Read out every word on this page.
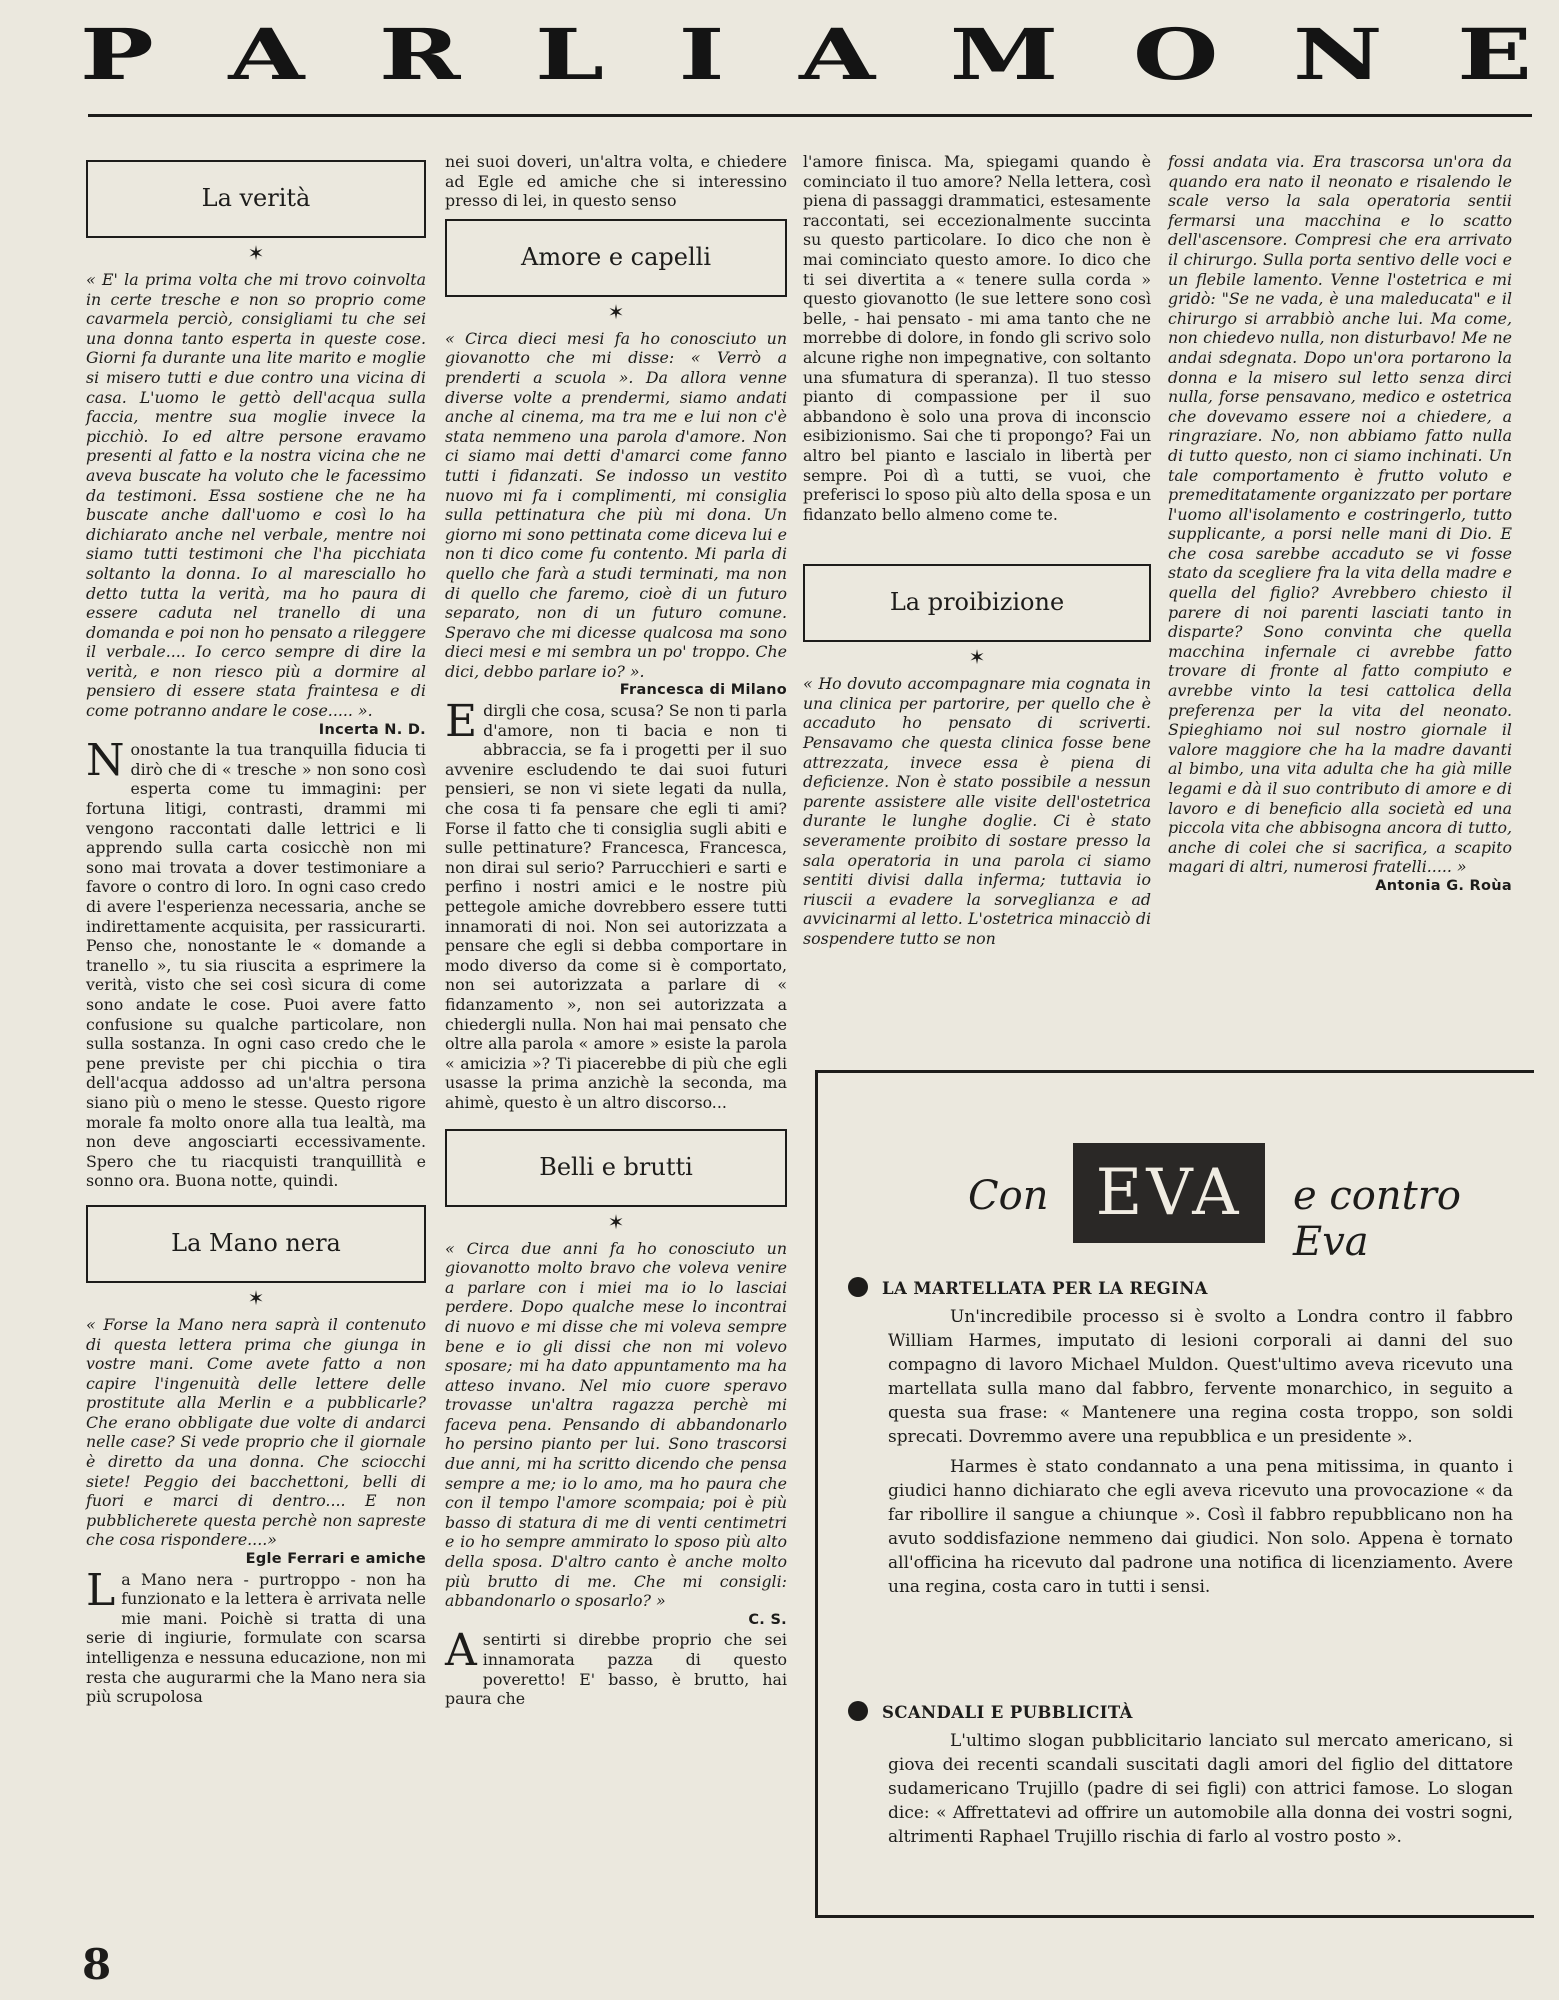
P A R L I A M O N E
La verità
✶

« E' la prima volta che mi trovo coinvolta in certe tresche e non so proprio come cavarmela perciò, consigliami tu che sei una donna tanto esperta in queste cose. Giorni fa durante una lite marito e moglie si misero tutti e due contro una vicina di casa. L'uomo le gettò dell'acqua sulla faccia, mentre sua moglie invece la picchiò. Io ed altre persone eravamo presenti al fatto e la nostra vicina che ne aveva buscate ha voluto che le facessimo da testimoni. Essa sostiene che ne ha buscate anche dall'uomo e così lo ha dichiarato anche nel verbale, mentre noi siamo tutti testimoni che l'ha picchiata soltanto la donna. Io al maresciallo ho detto tutta la verità, ma ho paura di essere caduta nel tranello di una domanda e poi non ho pensato a rileggere il verbale.... Io cerco sempre di dire la verità, e non riesco più a dormire al pensiero di essere stata fraintesa e di come potranno andare le cose..... ».

Incerta N. D.

Nonostante la tua tranquilla fiducia ti dirò che di « tresche » non sono così esperta come tu immagini: per fortuna litigi, contrasti, drammi mi vengono raccontati dalle lettrici e li apprendo sulla carta cosicchè non mi sono mai trovata a dover testimoniare a favore o contro di loro. In ogni caso credo di avere l'esperienza necessaria, anche se indirettamente acquisita, per rassicurarti. Penso che, nonostante le « domande a tranello », tu sia riuscita a esprimere la verità, visto che sei così sicura di come sono andate le cose. Puoi avere fatto confusione su qualche particolare, non sulla sostanza. In ogni caso credo che le pene previste per chi picchia o tira dell'acqua addosso ad un'altra persona siano più o meno le stesse. Questo rigore morale fa molto onore alla tua lealtà, ma non deve angosciarti eccessivamente. Spero che tu riacquisti tranquillità e sonno ora. Buona notte, quindi.

La Mano nera
✶

« Forse la Mano nera saprà il contenuto di questa lettera prima che giunga in vostre mani. Come avete fatto a non capire l'ingenuità delle lettere delle prostitute alla Merlin e a pubblicarle? Che erano obbligate due volte di andarci nelle case? Si vede proprio che il giornale è diretto da una donna. Che sciocchi siete! Peggio dei bacchettoni, belli di fuori e marci di dentro.... E non pubblicherete questa perchè non sapreste che cosa rispondere....»

Egle Ferrari e amiche

La Mano nera - purtroppo - non ha funzionato e la lettera è arrivata nelle mie mani. Poichè si tratta di una serie di ingiurie, formulate con scarsa intelligenza e nessuna educazione, non mi resta che augurarmi che la Mano nera sia più scrupolosa

nei suoi doveri, un'altra volta, e chiedere ad Egle ed amiche che si interessino presso di lei, in questo senso

Amore e capelli
✶

« Circa dieci mesi fa ho conosciuto un giovanotto che mi disse: « Verrò a prenderti a scuola ». Da allora venne diverse volte a prendermi, siamo andati anche al cinema, ma tra me e lui non c'è stata nemmeno una parola d'amore. Non ci siamo mai detti d'amarci come fanno tutti i fidanzati. Se indosso un vestito nuovo mi fa i complimenti, mi consiglia sulla pettinatura che più mi dona. Un giorno mi sono pettinata come diceva lui e non ti dico come fu contento. Mi parla di quello che farà a studi terminati, ma non di quello che faremo, cioè di un futuro separato, non di un futuro comune. Speravo che mi dicesse qualcosa ma sono dieci mesi e mi sembra un po' troppo. Che dici, debbo parlare io? ».

Francesca di Milano

Edirgli che cosa, scusa? Se non ti parla d'amore, non ti bacia e non ti abbraccia, se fa i progetti per il suo avvenire escludendo te dai suoi futuri pensieri, se non vi siete legati da nulla, che cosa ti fa pensare che egli ti ami? Forse il fatto che ti consiglia sugli abiti e sulle pettinature? Francesca, Francesca, non dirai sul serio? Parrucchieri e sarti e perfino i nostri amici e le nostre più pettegole amiche dovrebbero essere tutti innamorati di noi. Non sei autorizzata a pensare che egli si debba comportare in modo diverso da come si è comportato, non sei autorizzata a parlare di « fidanzamento », non sei autorizzata a chiedergli nulla. Non hai mai pensato che oltre alla parola « amore » esiste la parola « amicizia »? Ti piacerebbe di più che egli usasse la prima anzichè la seconda, ma ahimè, questo è un altro discorso...

Belli e brutti
✶

« Circa due anni fa ho conosciuto un giovanotto molto bravo che voleva venire a parlare con i miei ma io lo lasciai perdere. Dopo qualche mese lo incontrai di nuovo e mi disse che mi voleva sempre bene e io gli dissi che non mi volevo sposare; mi ha dato appuntamento ma ha atteso invano. Nel mio cuore speravo trovasse un'altra ragazza perchè mi faceva pena. Pensando di abbandonarlo ho persino pianto per lui. Sono trascorsi due anni, mi ha scritto dicendo che pensa sempre a me; io lo amo, ma ho paura che con il tempo l'amore scompaia; poi è più basso di statura di me di venti centimetri e io ho sempre ammirato lo sposo più alto della sposa. D'altro canto è anche molto più brutto di me. Che mi consigli: abbandonarlo o sposarlo? »

C. S.

Asentirti si direbbe proprio che sei innamorata pazza di questo poveretto! E' basso, è brutto, hai paura che

l'amore finisca. Ma, spiegami quando è cominciato il tuo amore? Nella lettera, così piena di passaggi drammatici, estesamente raccontati, sei eccezionalmente succinta su questo particolare. Io dico che non è mai cominciato questo amore. Io dico che ti sei divertita a « tenere sulla corda » questo giovanotto (le sue lettere sono così belle, - hai pensato - mi ama tanto che ne morrebbe di dolore, in fondo gli scrivo solo alcune righe non impegnative, con soltanto una sfumatura di speranza). Il tuo stesso pianto di compassione per il suo abbandono è solo una prova di inconscio esibizionismo. Sai che ti propongo? Fai un altro bel pianto e lascialo in libertà per sempre. Poi dì a tutti, se vuoi, che preferisci lo sposo più alto della sposa e un fidanzato bello almeno come te.

La proibizione
✶

« Ho dovuto accompagnare mia cognata in una clinica per partorire, per quello che è accaduto ho pensato di scriverti. Pensavamo che questa clinica fosse bene attrezzata, invece essa è piena di deficienze. Non è stato possibile a nessun parente assistere alle visite dell'ostetrica durante le lunghe doglie. Ci è stato severamente proibito di sostare presso la sala operatoria in una parola ci siamo sentiti divisi dalla inferma; tuttavia io riuscii a evadere la sorveglianza e ad avvicinarmi al letto. L'ostetrica minacciò di sospendere tutto se non

fossi andata via. Era trascorsa un'ora da quando era nato il neonato e risalendo le scale verso la sala operatoria sentii fermarsi una macchina e lo scatto dell'ascensore. Compresi che era arrivato il chirurgo. Sulla porta sentivo delle voci e un flebile lamento. Venne l'ostetrica e mi gridò: "Se ne vada, è una maleducata" e il chirurgo si arrabbiò anche lui. Ma come, non chiedevo nulla, non disturbavo! Me ne andai sdegnata. Dopo un'ora portarono la donna e la misero sul letto senza dirci nulla, forse pensavano, medico e ostetrica che dovevamo essere noi a chiedere, a ringraziare. No, non abbiamo fatto nulla di tutto questo, non ci siamo inchinati. Un tale comportamento è frutto voluto e premeditatamente organizzato per portare l'uomo all'isolamento e costringerlo, tutto supplicante, a porsi nelle mani di Dio. E che cosa sarebbe accaduto se vi fosse stato da scegliere fra la vita della madre e quella del figlio? Avrebbero chiesto il parere di noi parenti lasciati tanto in disparte? Sono convinta che quella macchina infernale ci avrebbe fatto trovare di fronte al fatto compiuto e avrebbe vinto la tesi cattolica della preferenza per la vita del neonato. Spieghiamo noi sul nostro giornale il valore maggiore che ha la madre davanti al bimbo, una vita adulta che ha già mille legami e dà il suo contributo di amore e di lavoro e di beneficio alla società ed una piccola vita che abbisogna ancora di tutto, anche di colei che si sacrifica, a scapito magari di altri, numerosi fratelli..... »

Antonia G. Roùa

Con EVA	e contro Eva
LA MARTELLATA PER LA REGINA

Un'incredibile processo si è svolto a Londra contro il fabbro William Harmes, imputato di lesioni corporali ai danni del suo compagno di lavoro Michael Muldon. Quest'ultimo aveva ricevuto una martellata sulla mano dal fabbro, fervente monarchico, in seguito a questa sua frase: « Mantenere una regina costa troppo, son soldi sprecati. Dovremmo avere una repubblica e un presidente ».

Harmes è stato condannato a una pena mitissima, in quanto i giudici hanno dichiarato che egli aveva ricevuto una provocazione « da far ribollire il sangue a chiunque ». Così il fabbro repubblicano non ha avuto soddisfazione nemmeno dai giudici. Non solo. Appena è tornato all'officina ha ricevuto dal padrone una notifica di licenziamento. Avere una regina, costa caro in tutti i sensi.

SCANDALI E PUBBLICITÀ

L'ultimo slogan pubblicitario lanciato sul mercato americano, si giova dei recenti scandali suscitati dagli amori del figlio del dittatore sudamericano Trujillo (padre di sei figli) con attrici famose. Lo slogan dice: « Affrettatevi ad offrire un automobile alla donna dei vostri sogni, altrimenti Raphael Trujillo rischia di farlo al vostro posto ».

8
